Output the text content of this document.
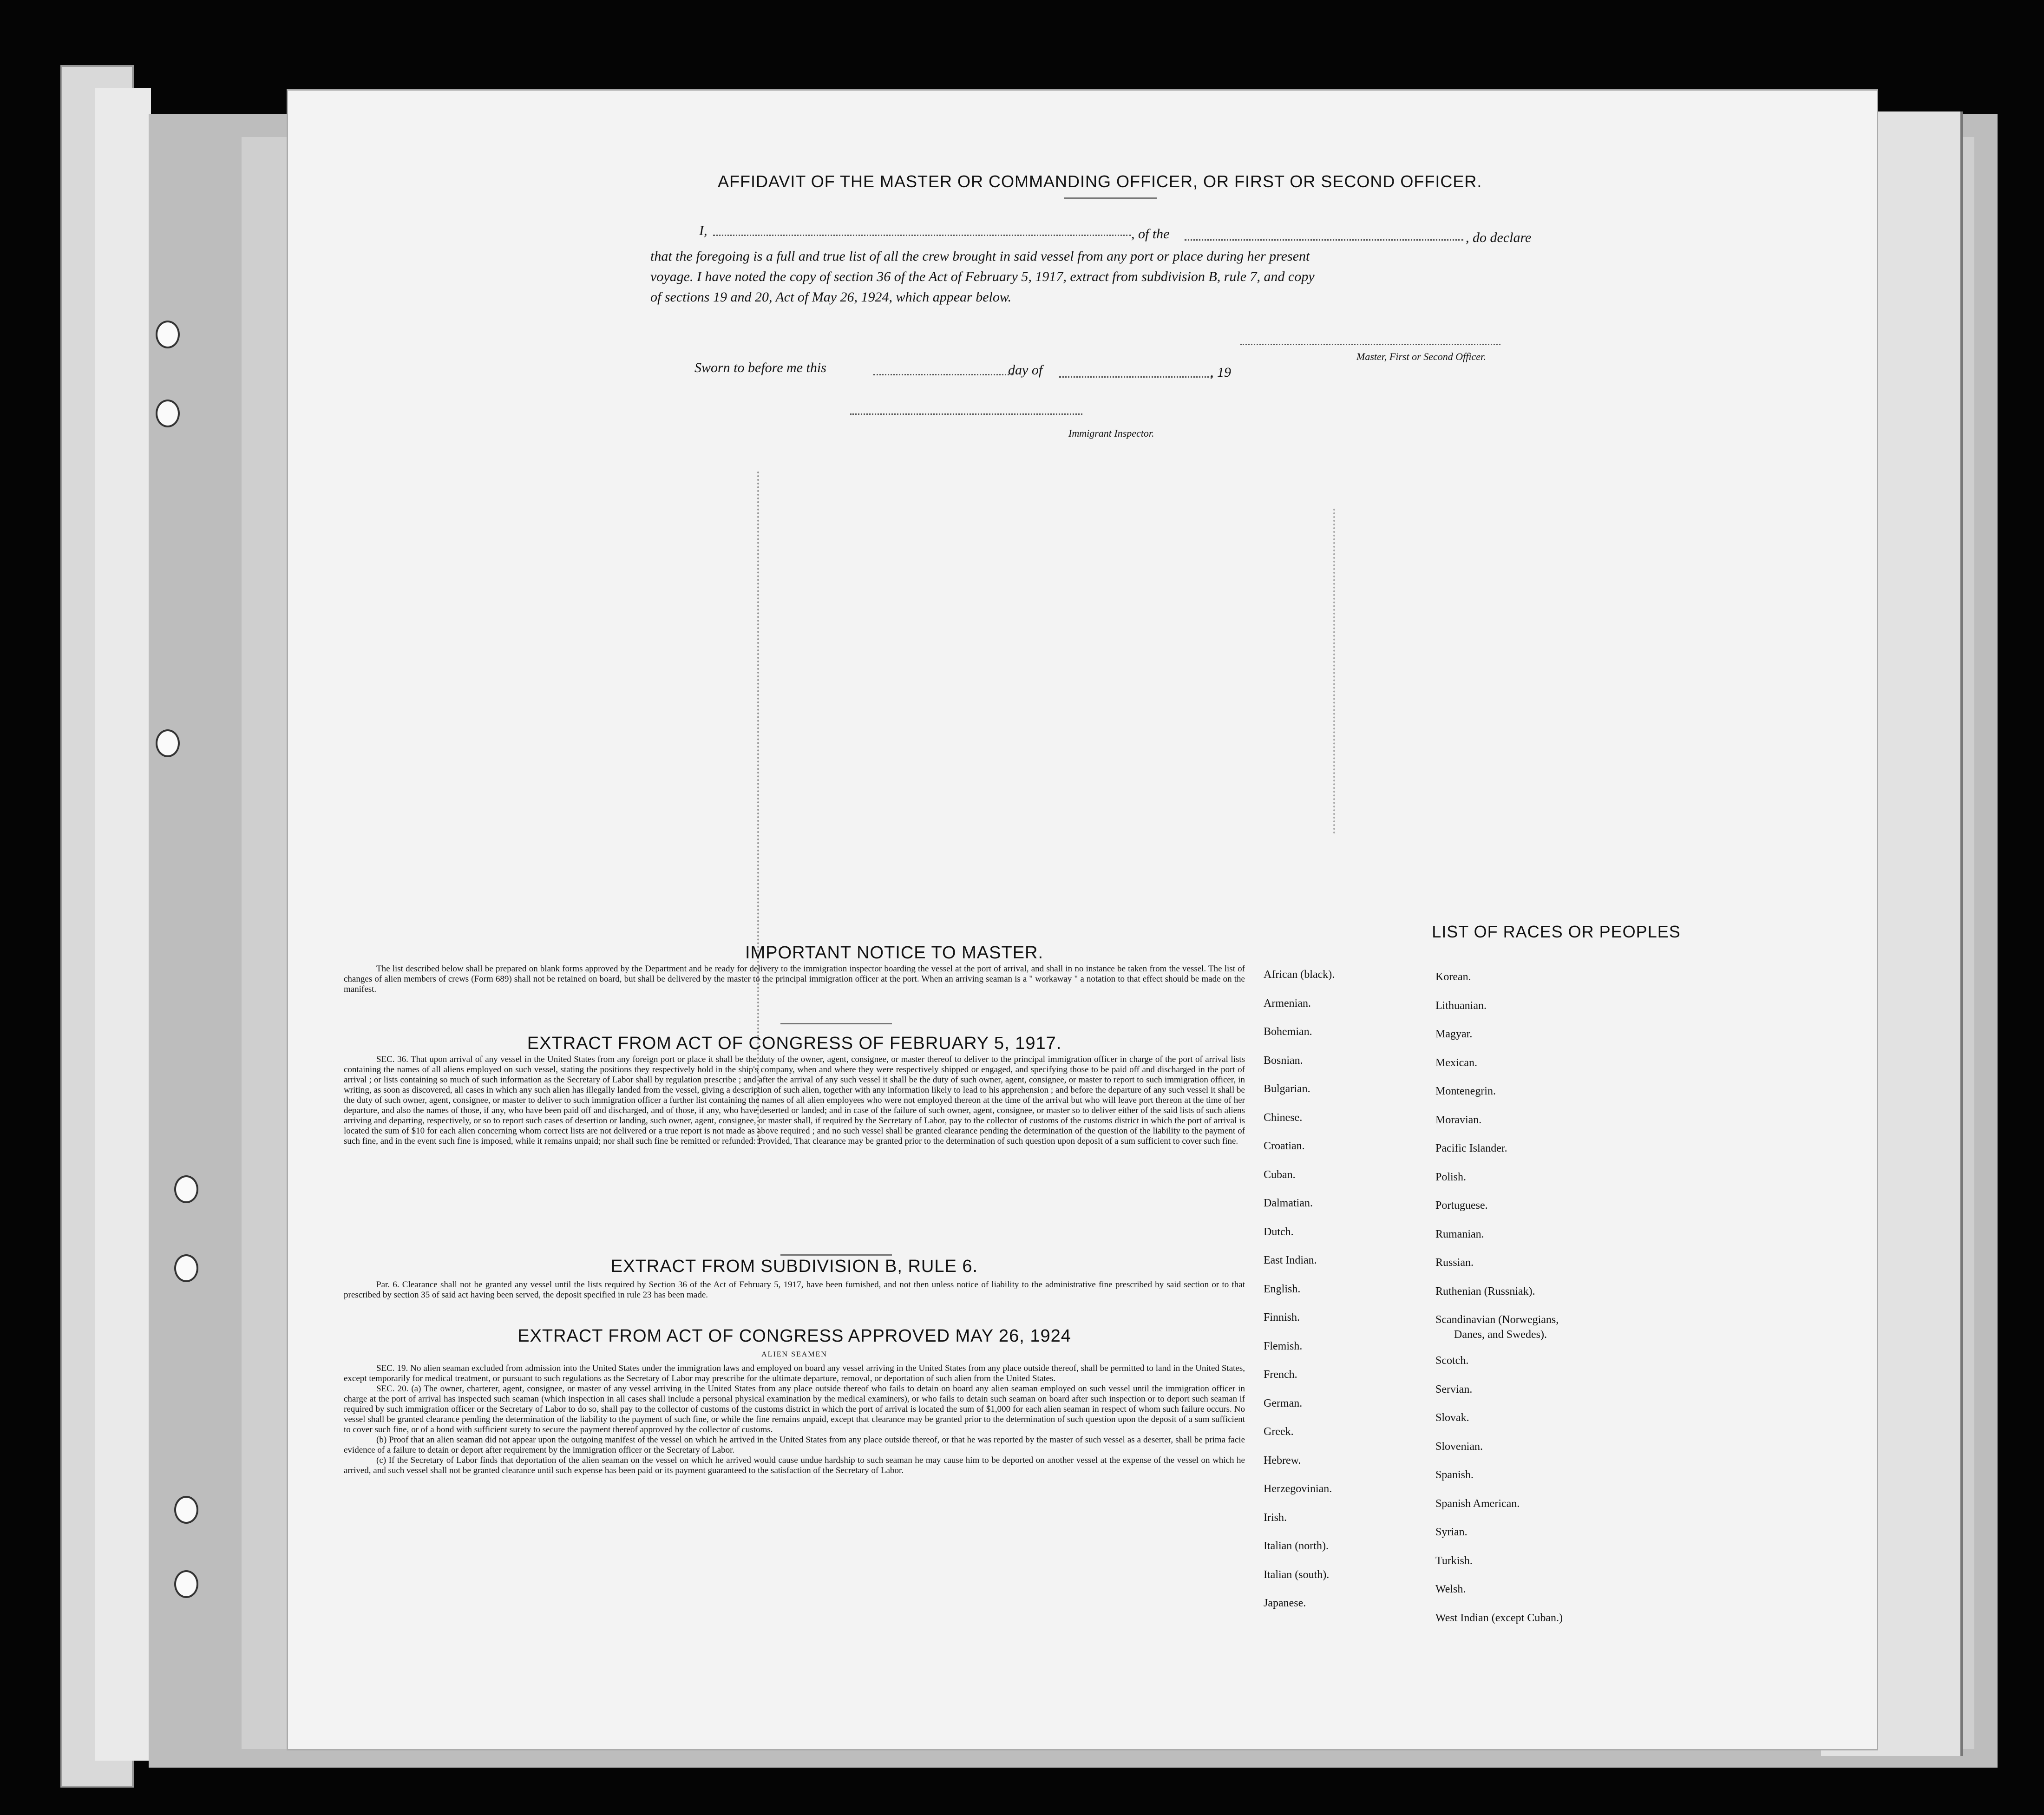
AFFIDAVIT OF THE MASTER OR COMMANDING OFFICER, OR FIRST OR SECOND OFFICER.
I,	, of the	, do declare
that the foregoing is a full and true list of all the crew brought in said vessel from any port or place during her present
voyage. I have noted the copy of section 36 of the Act of February 5, 1917, extract from subdivision B, rule 7, and copy
of sections 19 and 20, Act of May 26, 1924, which appear below.
Master, First or Second Officer.
Sworn to before me this	day of	, 19
Immigrant Inspector.
IMPORTANT NOTICE TO MASTER.
The list described below shall be prepared on blank forms approved by the Department and be ready for delivery to the immigration inspector boarding the vessel at the port of arrival, and shall in no instance be taken from the vessel. The list of changes of alien members of crews (Form 689) shall not be retained on board, but shall be delivered by the master to the principal immigration officer at the port. When an arriving seaman is a " workaway " a notation to that effect should be made on the manifest.
EXTRACT FROM ACT OF CONGRESS OF FEBRUARY 5, 1917.
SEC. 36. That upon arrival of any vessel in the United States from any foreign port or place it shall be the duty of the owner, agent, consignee, or master thereof to deliver to the principal immigration officer in charge of the port of arrival lists containing the names of all aliens employed on such vessel, stating the positions they respectively hold in the ship's company, when and where they were respectively shipped or engaged, and specifying those to be paid off and discharged in the port of arrival ; or lists containing so much of such information as the Secretary of Labor shall by regulation prescribe ; and after the arrival of any such vessel it shall be the duty of such owner, agent, consignee, or master to report to such immigration officer, in writing, as soon as discovered, all cases in which any such alien has illegally landed from the vessel, giving a description of such alien, together with any information likely to lead to his apprehension ; and before the departure of any such vessel it shall be the duty of such owner, agent, consignee, or master to deliver to such immigration officer a further list containing the names of all alien employees who were not employed thereon at the time of the arrival but who will leave port thereon at the time of her departure, and also the names of those, if any, who have been paid off and discharged, and of those, if any, who have deserted or landed; and in case of the failure of such owner, agent, consignee, or master so to deliver either of the said lists of such aliens arriving and departing, respectively, or so to report such cases of desertion or landing, such owner, agent, consignee, or master shall, if required by the Secretary of Labor, pay to the collector of customs of the customs district in which the port of arrival is located the sum of $10 for each alien concerning whom correct lists are not delivered or a true report is not made as above required ; and no such vessel shall be granted clearance pending the determination of the question of the liability to the payment of such fine, and in the event such fine is imposed, while it remains unpaid; nor shall such fine be remitted or refunded: Provided, That clearance may be granted prior to the determination of such question upon deposit of a sum sufficient to cover such fine.
EXTRACT FROM SUBDIVISION B, RULE 6.
Par. 6. Clearance shall not be granted any vessel until the lists required by Section 36 of the Act of February 5, 1917, have been furnished, and not then unless notice of liability to the administrative fine prescribed by said section or to that prescribed by section 35 of said act having been served, the deposit specified in rule 23 has been made.
EXTRACT FROM ACT OF CONGRESS APPROVED MAY 26, 1924
ALIEN SEAMEN
SEC. 19. No alien seaman excluded from admission into the United States under the immigration laws and employed on board any vessel arriving in the United States from any place outside thereof, shall be permitted to land in the United States, except temporarily for medical treatment, or pursuant to such regulations as the Secretary of Labor may prescribe for the ultimate departure, removal, or deportation of such alien from the United States.
SEC. 20. (a) The owner, charterer, agent, consignee, or master of any vessel arriving in the United States from any place outside thereof who fails to detain on board any alien seaman employed on such vessel until the immigration officer in charge at the port of arrival has inspected such seaman (which inspection in all cases shall include a personal physical examination by the medical examiners), or who fails to detain such seaman on board after such inspection or to deport such seaman if required by such immigration officer or the Secretary of Labor to do so, shall pay to the collector of customs of the customs district in which the port of arrival is located the sum of $1,000 for each alien seaman in respect of whom such failure occurs. No vessel shall be granted clearance pending the determination of the liability to the payment of such fine, or while the fine remains unpaid, except that clearance may be granted prior to the determination of such question upon the deposit of a sum sufficient to cover such fine, or of a bond with sufficient surety to secure the payment thereof approved by the collector of customs.
(b) Proof that an alien seaman did not appear upon the outgoing manifest of the vessel on which he arrived in the United States from any place outside thereof, or that he was reported by the master of such vessel as a deserter, shall be prima facie evidence of a failure to detain or deport after requirement by the immigration officer or the Secretary of Labor.
(c) If the Secretary of Labor finds that deportation of the alien seaman on the vessel on which he arrived would cause undue hardship to such seaman he may cause him to be deported on another vessel at the expense of the vessel on which he arrived, and such vessel shall not be granted clearance until such expense has been paid or its payment guaranteed to the satisfaction of the Secretary of Labor.
LIST OF RACES OR PEOPLES
African (black).
Armenian.
Bohemian.
Bosnian.
Bulgarian.
Chinese.
Croatian.
Cuban.
Dalmatian.
Dutch.
East Indian.
English.
Finnish.
Flemish.
French.
German.
Greek.
Hebrew.
Herzegovinian.
Irish.
Italian (north).
Italian (south).
Japanese.
Korean.
Lithuanian.
Magyar.
Mexican.
Montenegrin.
Moravian.
Pacific Islander.
Polish.
Portuguese.
Rumanian.
Russian.
Ruthenian (Russniak).
Scandinavian (Norwegians,
Danes, and Swedes).
Scotch.
Servian.
Slovak.
Slovenian.
Spanish.
Spanish American.
Syrian.
Turkish.
Welsh.
West Indian (except Cuban.)
